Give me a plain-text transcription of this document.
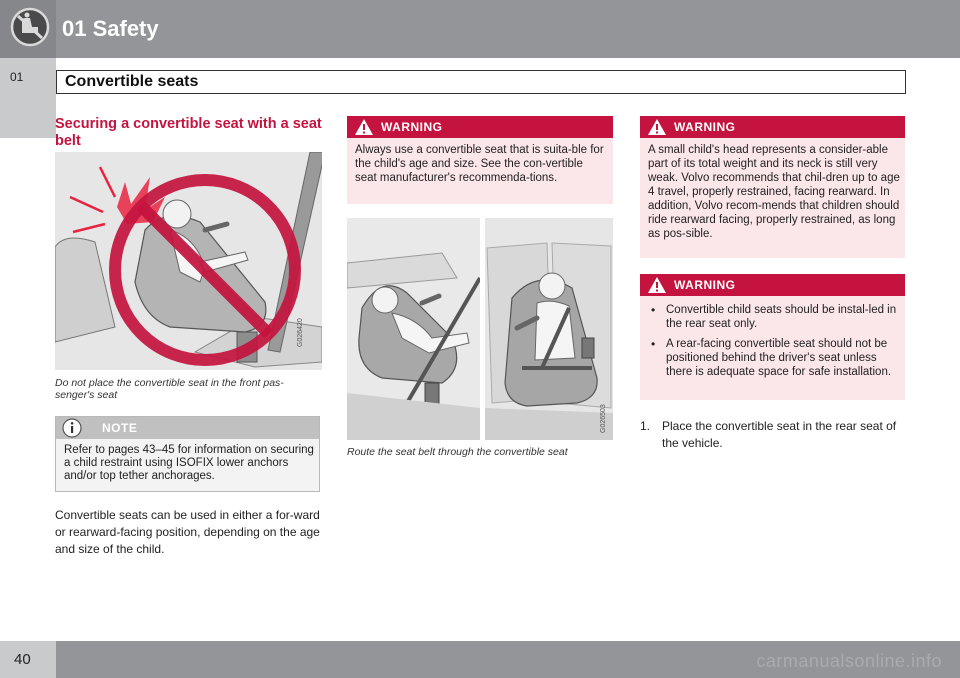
01 Safety
01	Convertible seats
Securing a convertible seat with a seat belt
G026420
Do not place the convertible seat in the front pas-senger's seat
NOTE
Refer to pages 43–45 for information on securing a child restraint using ISOFIX lower anchors and/or top tether anchorages.
Convertible seats can be used in either a for-ward or rearward-facing position, depending on the age and size of the child.
WARNING
Always use a convertible seat that is suita-ble for the child's age and size. See the con-vertible seat manufacturer's recommenda-tions.
G026503
Route the seat belt through the convertible seat
WARNING
A small child's head represents a consider-able part of its total weight and its neck is still very weak. Volvo recommends that chil-dren up to age 4 travel, properly restrained, facing rearward. In addition, Volvo recom-mends that children should ride rearward facing, properly restrained, as long as pos-sible.
WARNING
• Convertible child seats should be instal-led in the rear seat only.
• A rear-facing convertible seat should not be positioned behind the driver's seat unless there is adequate space for safe installation.
1. Place the convertible seat in the rear seat of the vehicle.
carmanualsonline.info
40
